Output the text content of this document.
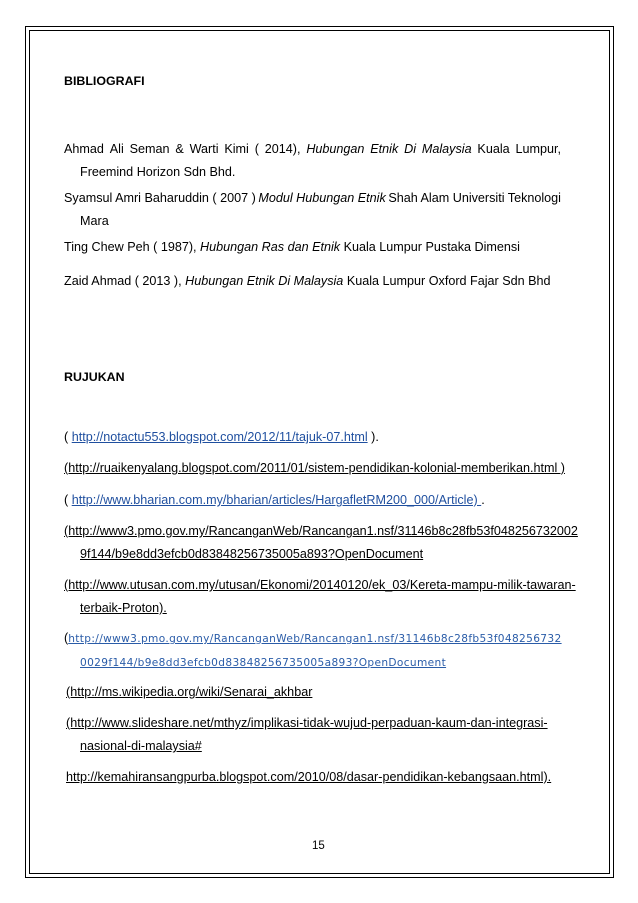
BIBLIOGRAFI
Ahmad Ali Seman & Warti Kimi ( 2014), Hubungan Etnik Di Malaysia Kuala Lumpur,
Freemind Horizon Sdn Bhd.
Syamsul Amri Baharuddin ( 2007 ) Modul Hubungan Etnik Shah Alam Universiti Teknologi
Mara
Ting Chew Peh ( 1987), Hubungan Ras dan Etnik Kuala Lumpur Pustaka Dimensi
Zaid Ahmad ( 2013 ), Hubungan Etnik Di Malaysia Kuala Lumpur Oxford Fajar Sdn Bhd
RUJUKAN
( http://notactu553.blogspot.com/2012/11/tajuk-07.html ).
(http://ruaikenyalang.blogspot.com/2011/01/sistem-pendidikan-kolonial-memberikan.html )
( http://www.bharian.com.my/bharian/articles/HargafletRM200_000/Article) .
(http://www3.pmo.gov.my/RancanganWeb/Rancangan1.nsf/31146b8c28fb53f048256732002
9f144/b9e8dd3efcb0d83848256735005a893?OpenDocument
(http://www.utusan.com.my/utusan/Ekonomi/20140120/ek_03/Kereta-mampu-milik-tawaran-
terbaik-Proton).
(http://www3.pmo.gov.my/RancanganWeb/Rancangan1.nsf/31146b8c28fb53f048256732
0029f144/b9e8dd3efcb0d83848256735005a893?OpenDocument
(http://ms.wikipedia.org/wiki/Senarai_akhbar
(http://www.slideshare.net/mthyz/implikasi-tidak-wujud-perpaduan-kaum-dan-integrasi-
nasional-di-malaysia#
http://kemahiransangpurba.blogspot.com/2010/08/dasar-pendidikan-kebangsaan.html).
15
